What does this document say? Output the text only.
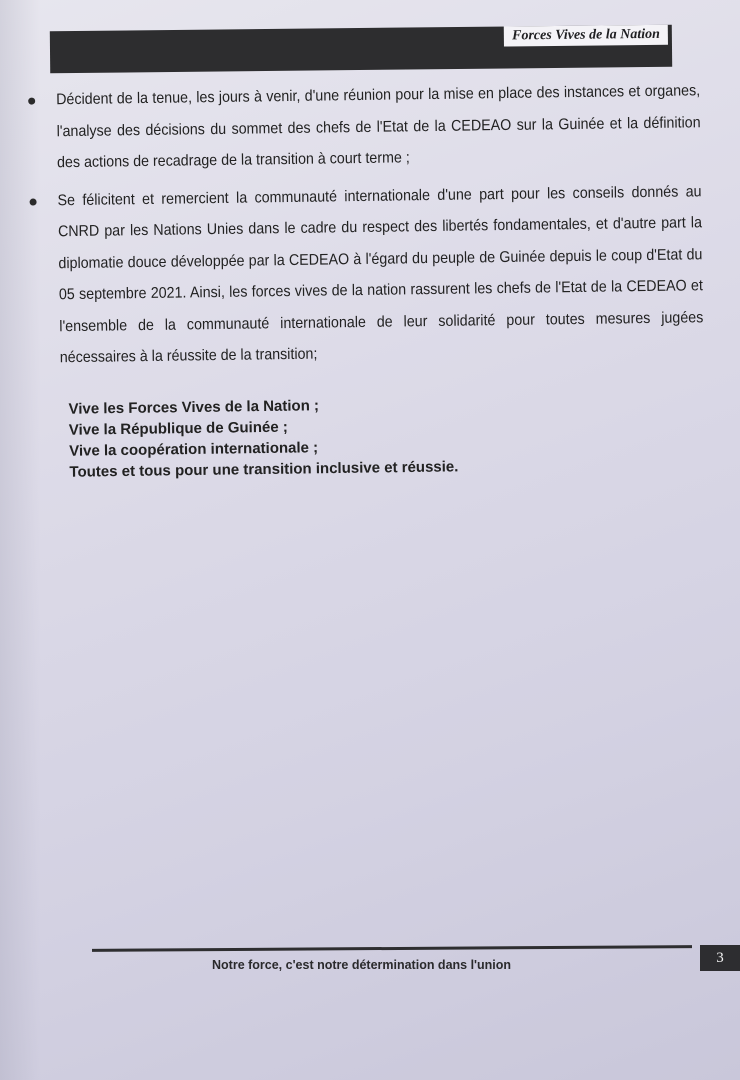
Forces Vives de la Nation
Décident de la tenue, les jours à venir, d'une réunion pour la mise en place des instances et organes, l'analyse des décisions du sommet des chefs de l'Etat de la CEDEAO sur la Guinée et la définition des actions de recadrage de la transition à court terme ;
Se félicitent et remercient la communauté internationale d'une part pour les conseils donnés au CNRD par les Nations Unies dans le cadre du respect des libertés fondamentales, et d'autre part la diplomatie douce développée par la CEDEAO à l'égard du peuple de Guinée depuis le coup d'Etat du 05 septembre 2021. Ainsi, les forces vives de la nation rassurent les chefs de l'Etat de la CEDEAO et l'ensemble de la communauté internationale de leur solidarité pour toutes mesures jugées nécessaires à la réussite de la transition;
Vive les Forces Vives de la Nation ;
Vive la République de Guinée ;
Vive la coopération internationale ;
Toutes et tous pour une transition inclusive et réussie.
Notre force, c'est notre détermination dans l'union	3
